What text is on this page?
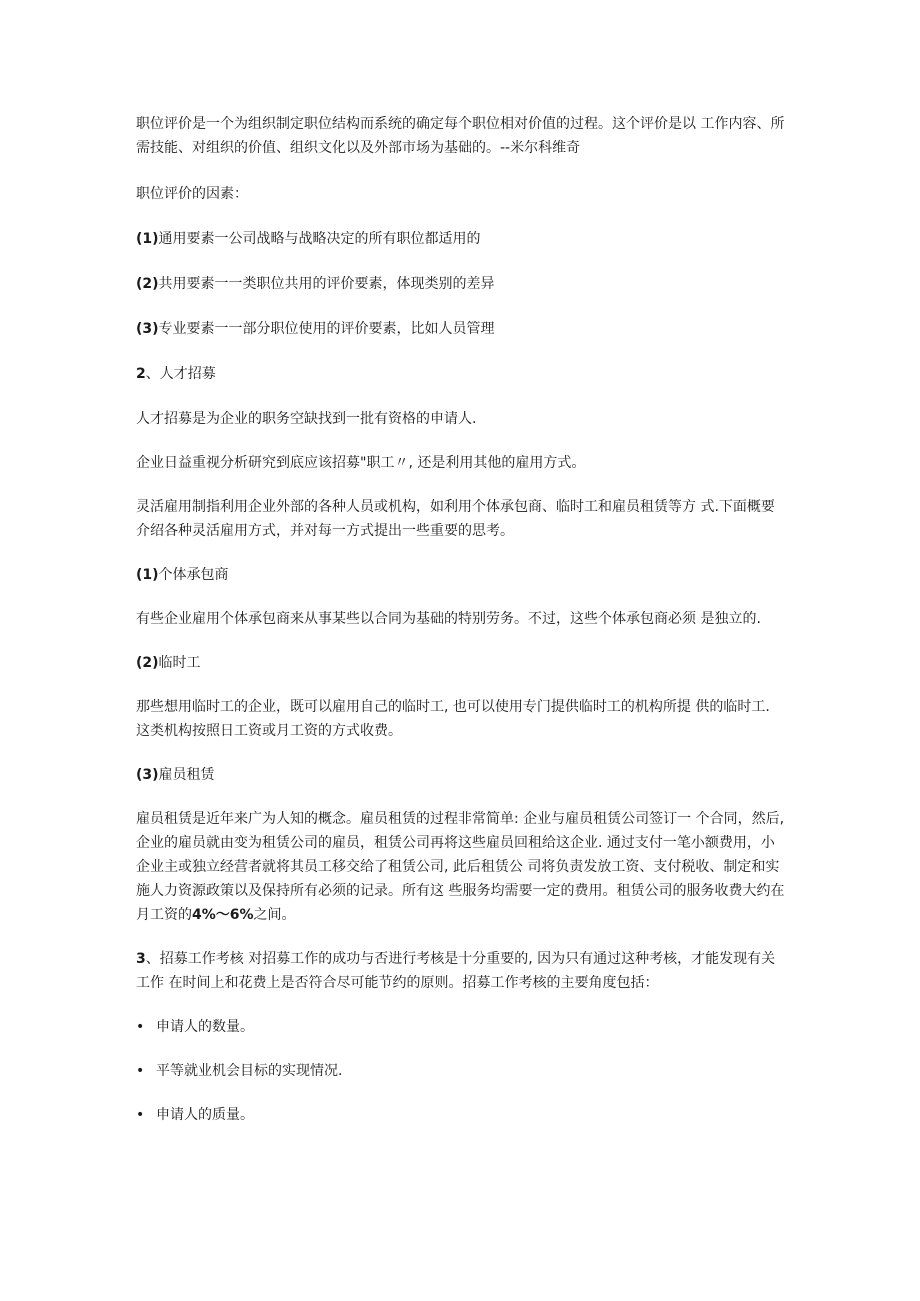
职位评价是一个为组织制定职位结构而系统的确定每个职位相对价值的过程。这个评价是以 工作内容、所需技能、对组织的价值、组织文化以及外部市场为基础的。--米尔科维奇

职位评价的因素：

(1)通用要素一公司战略与战略决定的所有职位都适用的

(2)共用要素一一类职位共用的评价要素，体现类别的差异

(3)专业要素一一部分职位使用的评价要素，比如人员管理

2、人才招募

人才招募是为企业的职务空缺找到一批有资格的申请人.

企业日益重视分析研究到底应该招募"职工〃, 还是利用其他的雇用方式。

灵活雇用制指利用企业外部的各种人员或机构，如利用个体承包商、临时工和雇员租赁等方 式.下面概要介绍各种灵活雇用方式，并对每一方式提出一些重要的思考。

(1)个体承包商

有些企业雇用个体承包商来从事某些以合同为基础的特别劳务。不过，这些个体承包商必须 是独立的.

(2)临时工

那些想用临时工的企业，既可以雇用自己的临时工, 也可以使用专门提供临时工的机构所提 供的临时工. 这类机构按照日工资或月工资的方式收费。

(3)雇员租赁

雇员租赁是近年来广为人知的概念。雇员租赁的过程非常简单: 企业与雇员租赁公司签订一 个合同，然后, 企业的雇员就由变为租赁公司的雇员，租赁公司再将这些雇员回租给这企业. 通过支付一笔小额费用，小企业主或独立经营者就将其员工移交给了租赁公司, 此后租赁公 司将负责发放工资、支付税收、制定和实施人力资源政策以及保持所有必须的记录。所有这 些服务均需要一定的费用。租赁公司的服务收费大约在月工资的4%～6%之间。

3、招募工作考核 对招募工作的成功与否进行考核是十分重要的, 因为只有通过这种考核，才能发现有关工作 在时间上和花费上是否符合尽可能节约的原则。招募工作考核的主要角度包括：

• 申请人的数量。
• 平等就业机会目标的实现情况.
• 申请人的质量。
